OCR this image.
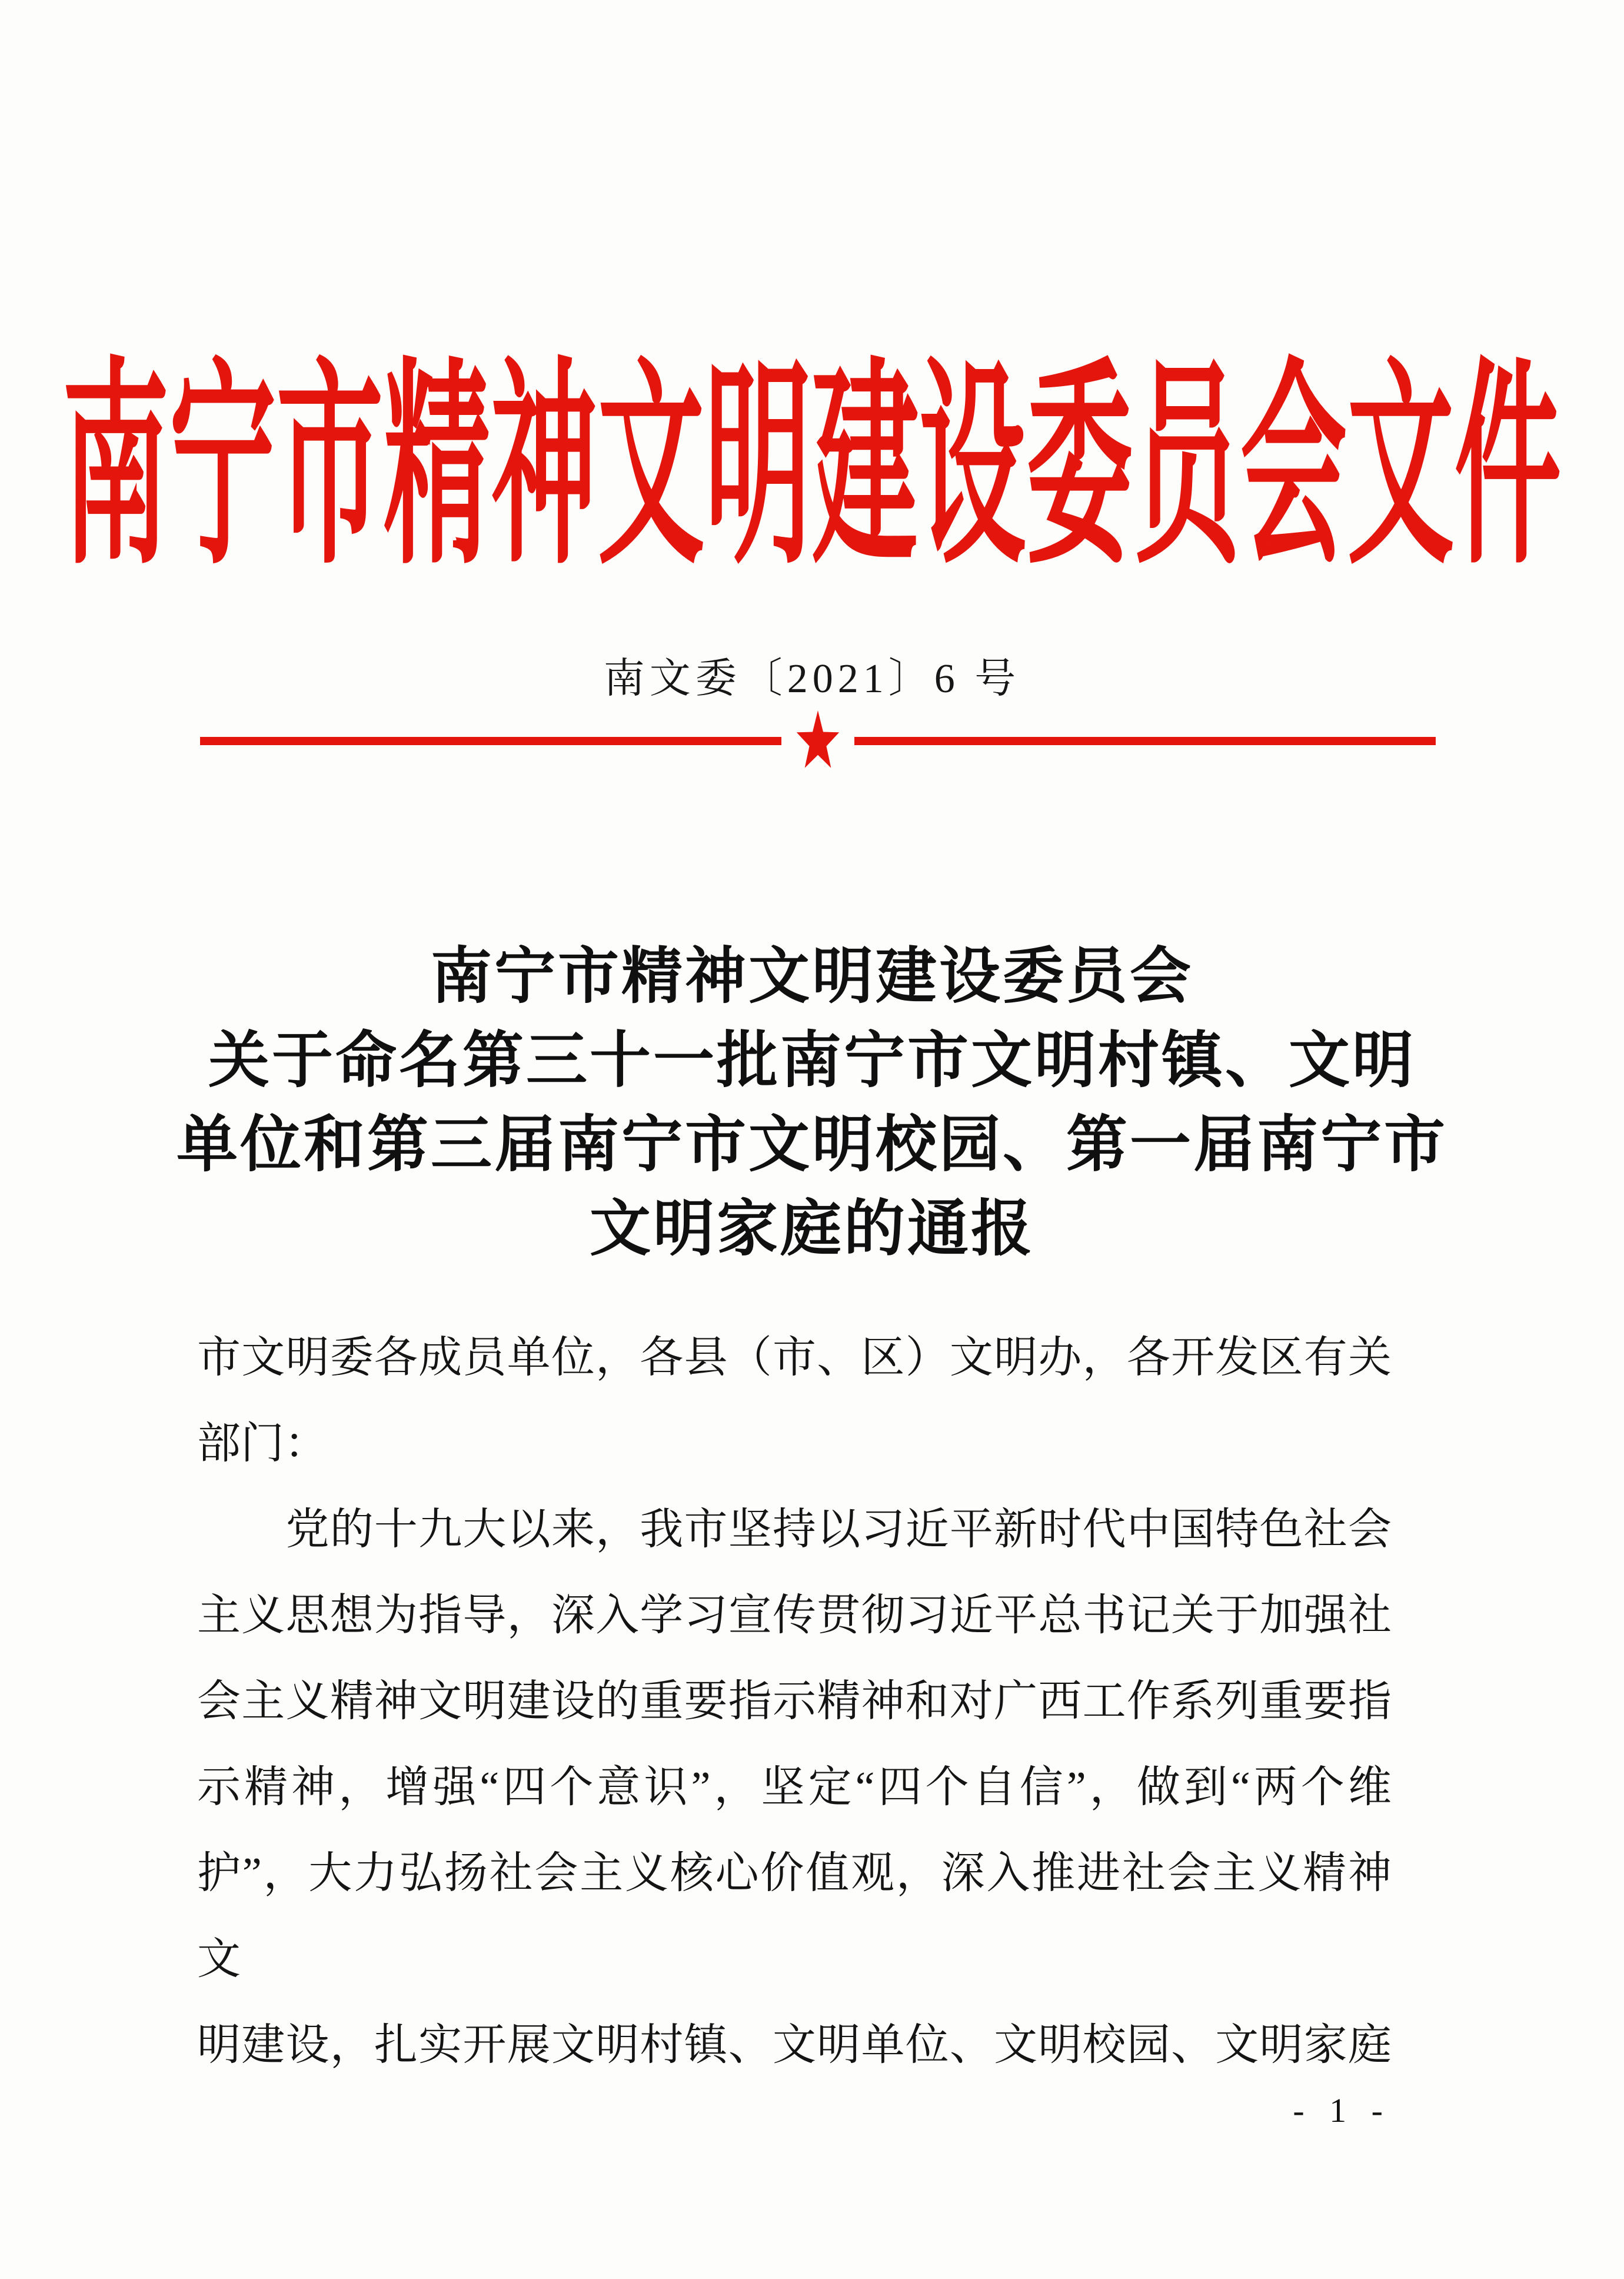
南宁市精神文明建设委员会文件
南文委〔2021〕6 号
南宁市精神文明建设委员会
关于命名第三十一批南宁市文明村镇、文明
单位和第三届南宁市文明校园、第一届南宁市
文明家庭的通报
市文明委各成员单位，各县（市、区）文明办，各开发区有关
部门：
　　党的十九大以来，我市坚持以习近平新时代中国特色社会
主义思想为指导，深入学习宣传贯彻习近平总书记关于加强社
会主义精神文明建设的重要指示精神和对广西工作系列重要指
示精神，增强“四个意识”，坚定“四个自信”，做到“两个维
护”，大力弘扬社会主义核心价值观，深入推进社会主义精神文
明建设，扎实开展文明村镇、文明单位、文明校园、文明家庭
- 1 -
